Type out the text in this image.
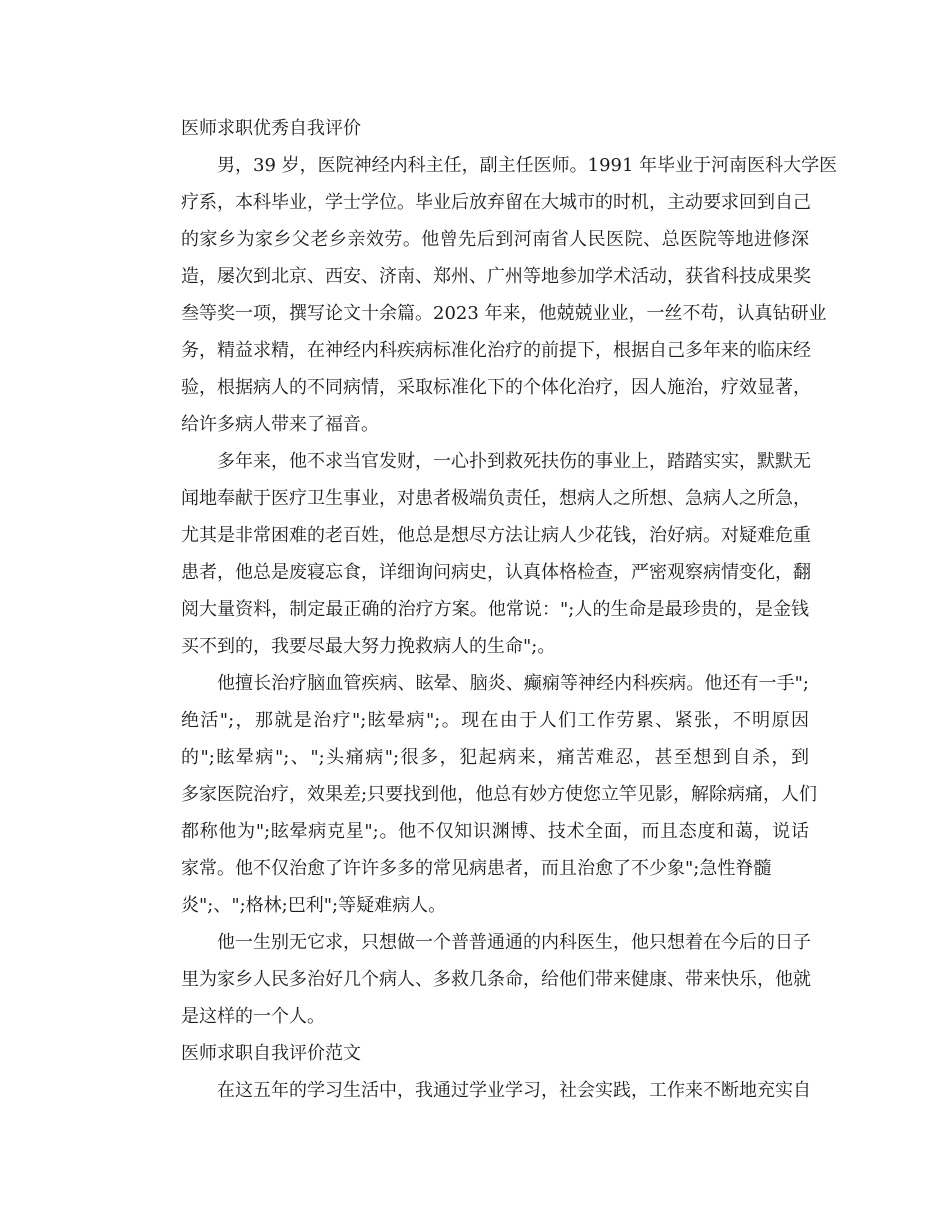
医师求职优秀自我评价
男，39 岁，医院神经内科主任，副主任医师。1991 年毕业于河南医科大学医
疗系，本科毕业，学士学位。毕业后放弃留在大城市的时机，主动要求回到自己
的家乡为家乡父老乡亲效劳。他曾先后到河南省人民医院、总医院等地进修深
造，屡次到北京、西安、济南、郑州、广州等地参加学术活动，获省科技成果奖
叁等奖一项，撰写论文十余篇。2023 年来，他兢兢业业，一丝不苟，认真钻研业
务，精益求精，在神经内科疾病标准化治疗的前提下，根据自己多年来的临床经
验，根据病人的不同病情，采取标准化下的个体化治疗，因人施治，疗效显著，
给许多病人带来了福音。
多年来，他不求当官发财，一心扑到救死扶伤的事业上，踏踏实实，默默无
闻地奉献于医疗卫生事业，对患者极端负责任，想病人之所想、急病人之所急，
尤其是非常困难的老百姓，他总是想尽方法让病人少花钱，治好病。对疑难危重
患者，他总是废寝忘食，详细询问病史，认真体格检查，严密观察病情变化，翻
阅大量资料，制定最正确的治疗方案。他常说：";人的生命是最珍贵的，是金钱
买不到的，我要尽最大努力挽救病人的生命";。
他擅长治疗脑血管疾病、眩晕、脑炎、癫痫等神经内科疾病。他还有一手";
绝活";，那就是治疗";眩晕病";。现在由于人们工作劳累、紧张，不明原因
的";眩晕病";、";头痛病";很多，犯起病来，痛苦难忍，甚至想到自杀，到
多家医院治疗，效果差;只要找到他，他总有妙方使您立竿见影，解除病痛，人们
都称他为";眩晕病克星";。他不仅知识渊博、技术全面，而且态度和蔼，说话
家常。他不仅治愈了许许多多的常见病患者，而且治愈了不少象";急性脊髓
炎";、";格林;巴利";等疑难病人。
他一生别无它求，只想做一个普普通通的内科医生，他只想着在今后的日子
里为家乡人民多治好几个病人、多救几条命，给他们带来健康、带来快乐，他就
是这样的一个人。
医师求职自我评价范文
在这五年的学习生活中，我通过学业学习，社会实践，工作来不断地充实自
